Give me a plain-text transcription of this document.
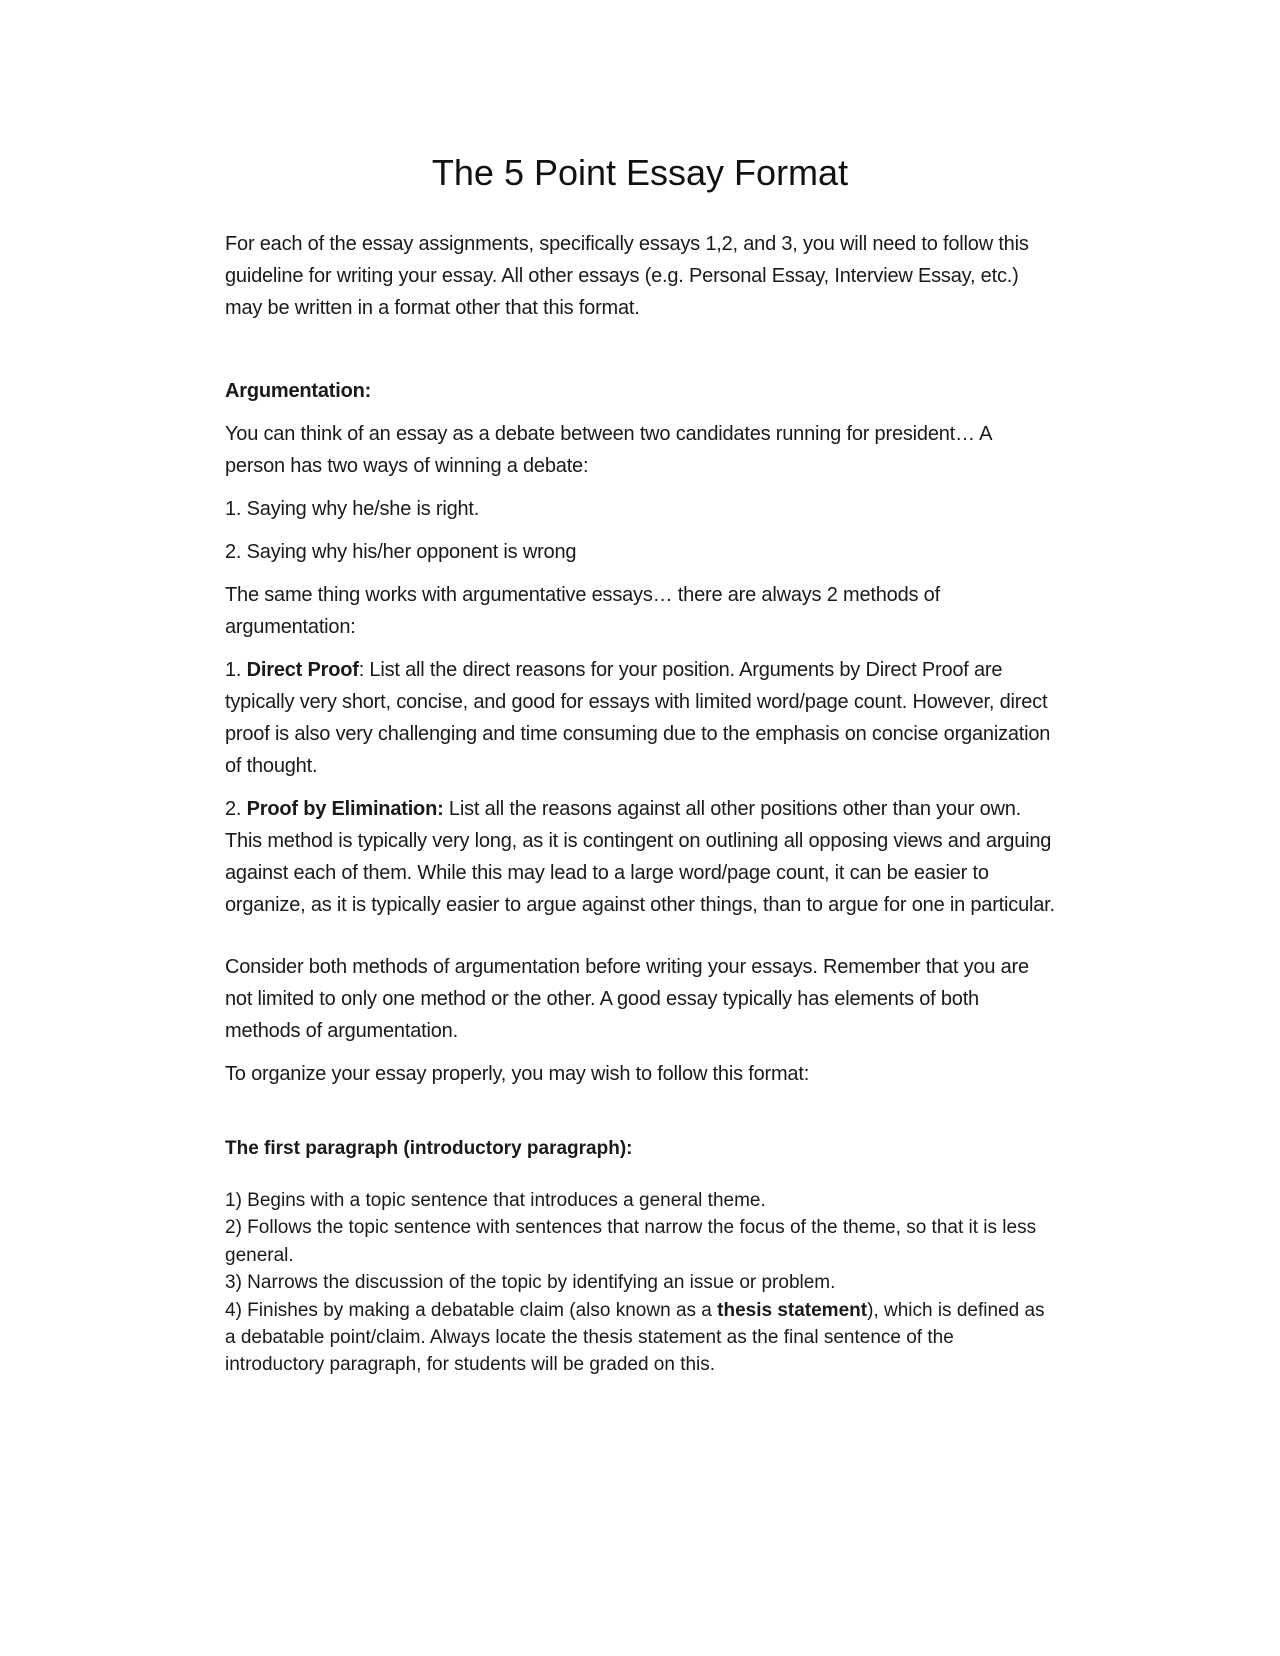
The 5 Point Essay Format

For each of the essay assignments, specifically essays 1,2, and 3, you will need to follow this guideline for writing your essay. All other essays (e.g. Personal Essay, Interview Essay, etc.) may be written in a format other that this format.

Argumentation:

You can think of an essay as a debate between two candidates running for president… A person has two ways of winning a debate:

1. Saying why he/she is right.

2. Saying why his/her opponent is wrong

The same thing works with argumentative essays… there are always 2 methods of argumentation:

1. Direct Proof: List all the direct reasons for your position. Arguments by Direct Proof are typically very short, concise, and good for essays with limited word/page count. However, direct proof is also very challenging and time consuming due to the emphasis on concise organization of thought.

2. Proof by Elimination: List all the reasons against all other positions other than your own. This method is typically very long, as it is contingent on outlining all opposing views and arguing against each of them. While this may lead to a large word/page count, it can be easier to organize, as it is typically easier to argue against other things, than to argue for one in particular.

Consider both methods of argumentation before writing your essays. Remember that you are not limited to only one method or the other. A good essay typically has elements of both methods of argumentation.

To organize your essay properly, you may wish to follow this format:

The first paragraph (introductory paragraph):

1) Begins with a topic sentence that introduces a general theme.

2) Follows the topic sentence with sentences that narrow the focus of the theme, so that it is less general.

3) Narrows the discussion of the topic by identifying an issue or problem.

4) Finishes by making a debatable claim (also known as a thesis statement), which is defined as a debatable point/claim. Always locate the thesis statement as the final sentence of the introductory paragraph, for students will be graded on this.
